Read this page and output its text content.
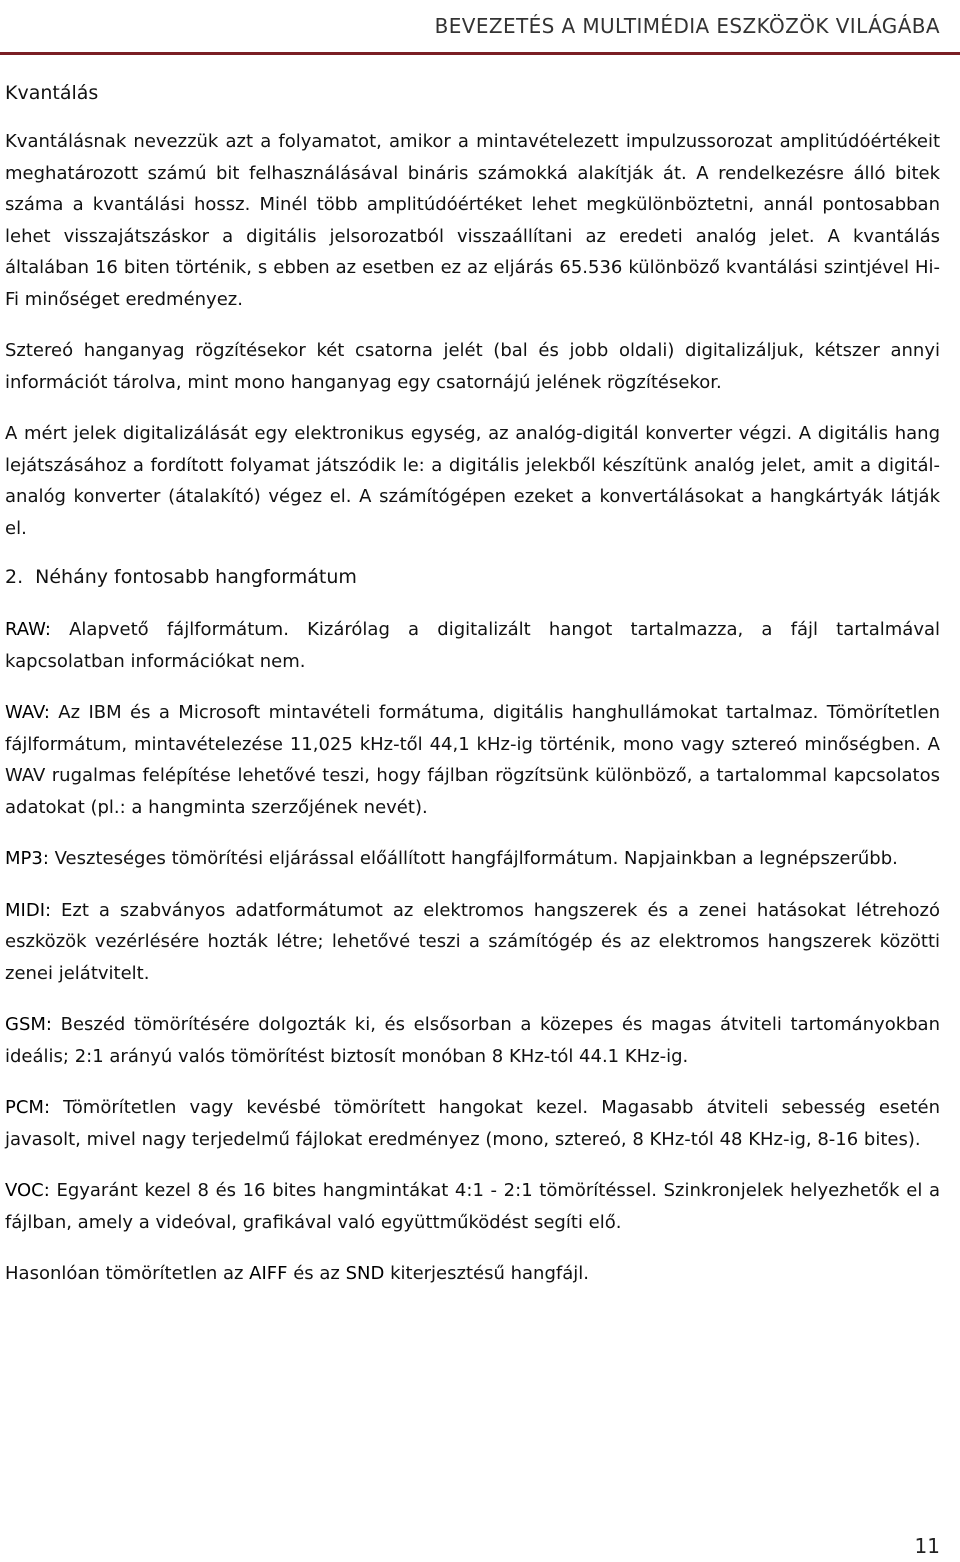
BEVEZETÉS A MULTIMÉDIA ESZKÖZÖK VILÁGÁBA
Kvantálás

Kvantálásnak nevezzük azt a folyamatot, amikor a mintavételezett impulzussorozat amplitúdóértékeit meghatározott számú bit felhasználásával bináris számokká alakítják át. A rendelkezésre álló bitek száma a kvantálási hossz. Minél több amplitúdóértéket lehet megkülönböztetni, annál pontosabban lehet visszajátszáskor a digitális jelsorozatból visszaállítani az eredeti analóg jelet. A kvantálás általában 16 biten történik, s ebben az esetben ez az eljárás 65.536 különböző kvantálási szintjével Hi-Fi minőséget eredményez.

Sztereó hanganyag rögzítésekor két csatorna jelét (bal és jobb oldali) digitalizáljuk, kétszer annyi információt tárolva, mint mono hanganyag egy csatornájú jelének rögzítésekor.

A mért jelek digitalizálását egy elektronikus egység, az analóg-digitál konverter végzi. A digitális hang lejátszásához a fordított folyamat játszódik le: a digitális jelekből készítünk analóg jelet, amit a digitál-analóg konverter (átalakító) végez el. A számítógépen ezeket a konvertálásokat a hangkártyák látják el.

2. Néhány fontosabb hangformátum

RAW: Alapvető fájlformátum. Kizárólag a digitalizált hangot tartalmazza, a fájl tartalmával kapcsolatban információkat nem.

WAV: Az IBM és a Microsoft mintavételi formátuma, digitális hanghullámokat tartalmaz. Tömörítetlen fájlformátum, mintavételezése 11,025 kHz-től 44,1 kHz-ig történik, mono vagy sztereó minőségben. A WAV rugalmas felépítése lehetővé teszi, hogy fájlban rögzítsünk különböző, a tartalommal kapcsolatos adatokat (pl.: a hangminta szerzőjének nevét).

MP3: Veszteséges tömörítési eljárással előállított hangfájlformátum. Napjainkban a legnépszerűbb.

MIDI: Ezt a szabványos adatformátumot az elektromos hangszerek és a zenei hatásokat létrehozó eszközök vezérlésére hozták létre; lehetővé teszi a számítógép és az elektromos hangszerek közötti zenei jelátvitelt.

GSM: Beszéd tömörítésére dolgozták ki, és elsősorban a közepes és magas átviteli tartományokban ideális; 2:1 arányú valós tömörítést biztosít monóban 8 KHz-tól 44.1 KHz-ig.

PCM: Tömörítetlen vagy kevésbé tömörített hangokat kezel. Magasabb átviteli sebesség esetén javasolt, mivel nagy terjedelmű fájlokat eredményez (mono, sztereó, 8 KHz-tól 48 KHz-ig, 8-16 bites).

VOC: Egyaránt kezel 8 és 16 bites hangmintákat 4:1 - 2:1 tömörítéssel. Szinkronjelek helyezhetők el a fájlban, amely a videóval, grafikával való együttműködést segíti elő.

Hasonlóan tömörítetlen az AIFF és az SND kiterjesztésű hangfájl.

11
